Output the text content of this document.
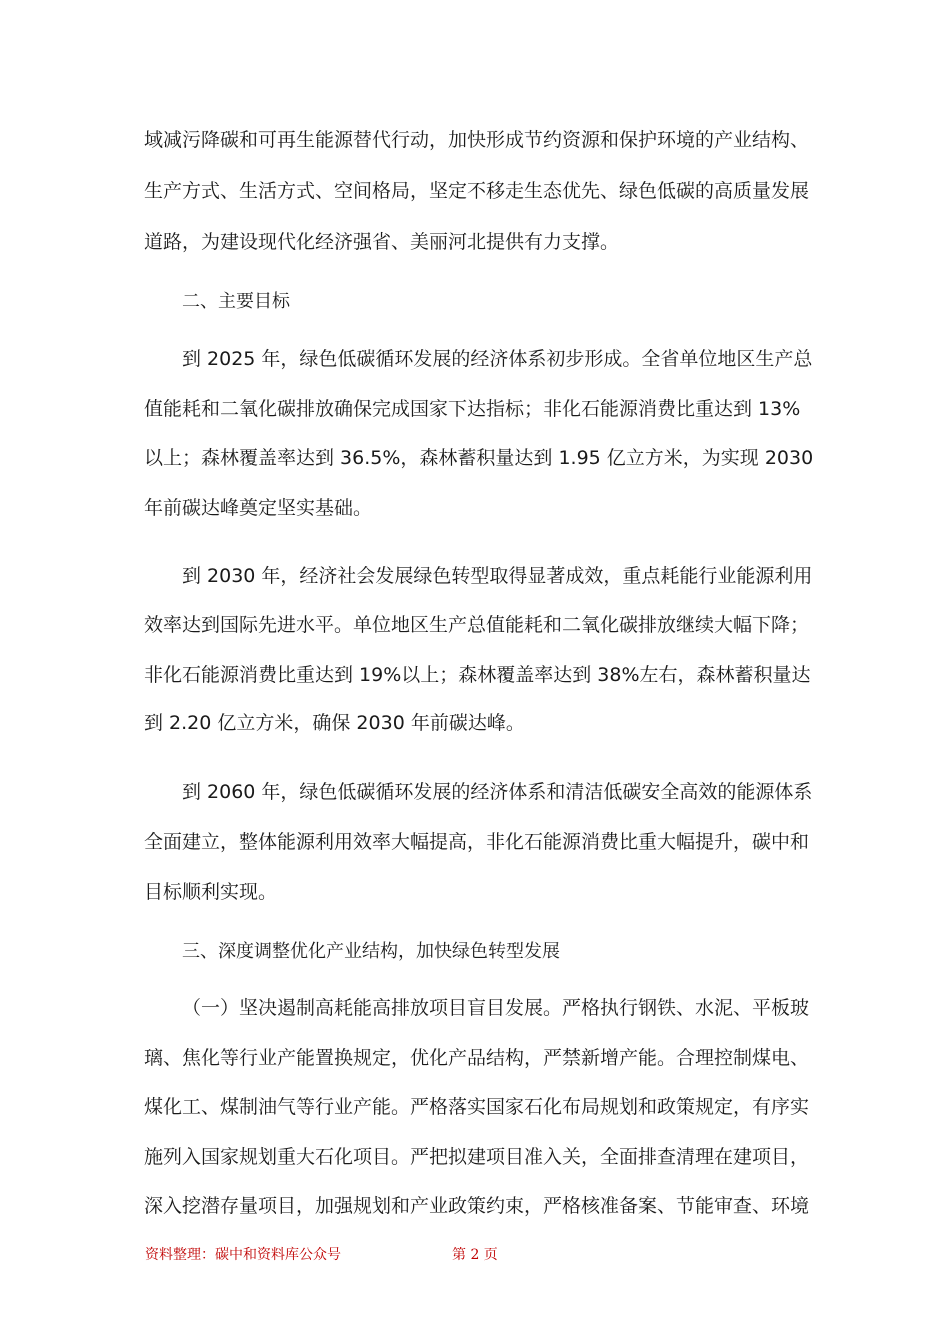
域减污降碳和可再生能源替代行动，加快形成节约资源和保护环境的产业结构、
生产方式、生活方式、空间格局，坚定不移走生态优先、绿色低碳的高质量发展
道路，为建设现代化经济强省、美丽河北提供有力支撑。
二、主要目标
到 2025 年，绿色低碳循环发展的经济体系初步形成。全省单位地区生产总
值能耗和二氧化碳排放确保完成国家下达指标；非化石能源消费比重达到 13%
以上；森林覆盖率达到 36.5%，森林蓄积量达到 1.95 亿立方米，为实现 2030
年前碳达峰奠定坚实基础。
到 2030 年，经济社会发展绿色转型取得显著成效，重点耗能行业能源利用
效率达到国际先进水平。单位地区生产总值能耗和二氧化碳排放继续大幅下降；
非化石能源消费比重达到 19%以上；森林覆盖率达到 38%左右，森林蓄积量达
到 2.20 亿立方米，确保 2030 年前碳达峰。
到 2060 年，绿色低碳循环发展的经济体系和清洁低碳安全高效的能源体系
全面建立，整体能源利用效率大幅提高，非化石能源消费比重大幅提升，碳中和
目标顺利实现。
三、深度调整优化产业结构，加快绿色转型发展
（一）坚决遏制高耗能高排放项目盲目发展。严格执行钢铁、水泥、平板玻
璃、焦化等行业产能置换规定，优化产品结构，严禁新增产能。合理控制煤电、
煤化工、煤制油气等行业产能。严格落实国家石化布局规划和政策规定，有序实
施列入国家规划重大石化项目。严把拟建项目准入关，全面排查清理在建项目，
深入挖潜存量项目，加强规划和产业政策约束，严格核准备案、节能审查、环境
资料整理：碳中和资料库公众号	第 2 页
